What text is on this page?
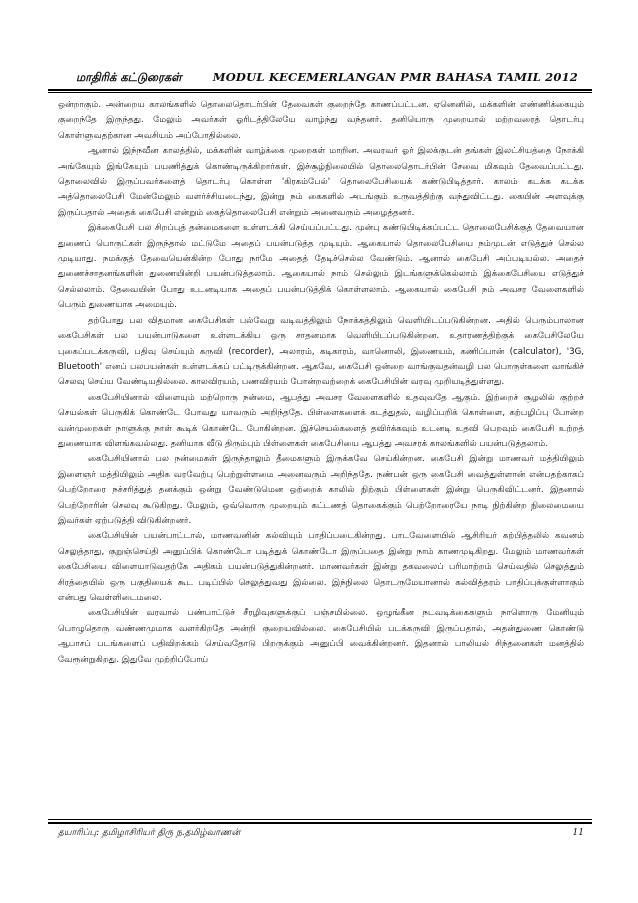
மாதிரிக் கட்டுரைகள்	MODUL KECEMERLANGAN PMR BAHASA TAMIL 2012

ஒன்றாகும். அன்றைய காலங்களில் தொலைதொடர்பின் தேவைகள் குறைந்தே காணப்பட்டன. ஏனெனில், மக்களின் எண்ணிக்கையும் குறைந்தே இருந்தது. மேலும் அவர்கள் ஓரிடத்திலேயே வாழ்ந்து வந்தனர். தனியொரு முறையால் மற்றவரைத் தொடர்பு கொள்ளுவதற்கான அவசியம் அப்போதில்லை.

ஆனால் இந்நவீன காலத்தில், மக்களின் வாழ்க்கை முறைகள் மாறின. அவரவர் ஓர் இலக்குடன் தங்கள் இலட்சியத்தை நோக்கி அங்கேயும் இங்கேயும் பயணித்துக் கொண்டிருக்கிறார்கள். இச்சூழ்நிலையில் தொலைதொடர்பின் சேவை மிகவும் தேவைப்பட்டது. தொலைவில் இருப்பவர்களைத் தொடர்பு கொள்ள 'கிரகம்பேல்' தொலைபேசியைக் கண்டுபிடித்தார். காலம் கடக்க கடக்க அத்தொலைபேசி மேன்மேலும் வளர்ச்சியடைந்து, இன்று நம் கைகளில் அடங்கும் உருவத்திற்கு வந்துவிட்டது. கையின் அளவுக்கு இருப்பதால் அதைக் கைபேசி என்றும் கைத்தொலைபேசி என்றும் அனைவரும் அழைத்தனர்.

இக்கைபேசி பல சிறப்புத் தன்மைகளை உள்ளடக்கி செய்யப்பட்டது. முன்பு கண்டுபிடிக்கப்பட்ட தொலைபேசிக்குத் தேவையான துணைப் பொருட்கள் இருந்தால் மட்டுமே அதைப் பயன்படுத்த முடியும். ஆகையால் தொலைபேசியை நம்முடன் எடுத்துச் செல்ல முடியாது. நமக்குத் தேவையென்கின்ற போது நாமே அதைத் தேடிச்செல்ல வேண்டும். ஆனால் கைபேசி அப்படியல்ல. அதைச் துணைச்சாதனங்களின் துணையின்றி பயன்படுத்தலாம். ஆகையால் நாம் செல்லும் இடங்களுக்கெல்லாம் இக்கைபேசியை எடுத்துச் செல்லலாம். தேவையின் போது உடனடியாக அதைப் பயன்படுத்திக் கொள்ளலாம். ஆகையால் கைபேசி நம் அவசர வேளைகளில் பெரும் துணையாக அமையும்.

தற்போது பல விதமான கைபேசிகள் பல்வேறு வடிவத்திலும் நோக்கத்திலும் வெளியிடப்படுகின்றன. அதில் பெரும்பாலான கைபேசிகள் பல பயன்பாடுகளை உள்ளடக்கிய ஒரு சாதனமாக வெளியிடப்படுகின்றன. உதாரணத்திற்குக் கைபேசிலேயே புகைப்படக்கருவி, பதிவு செய்யும் கருவி (recorder), அலாரம், கடிகாரம், வானொலி, இணையம், கணிப்பான் (calculator), '3G, Bluetooth' எனப் பலபயன்கள் உள்ளடக்கப் பட்டிருக்கின்றன. ஆகவே, கைபேசி ஒன்றை வாங்குவதன்வழி பல பொருள்களை வாங்கிச் செலவு செய்ய வேண்டியதில்லை. காலவிரயம், பணவிரயம் போன்றவற்றைக் கைபேசியின் வரவு முறியடித்துள்ளது.

கைபேசியினால் விளையும் மற்றொரு நன்மை, ஆபத்து அவசர வேளைகளில் உதவுவதே ஆகும். இற்றைச் சூழலில் குற்றச் செயல்கள் பெருகிக் கொண்டே போவது யாவரும் அறிந்ததே. பிள்ளைகளைக் கடத்துதல், வழிப்பறிக் கொள்ளை, கற்பழிப்பு போன்ற வன்முறைகள் நாளுக்கு நாள் கூடிக் கொண்டே போகின்றன. இச்செயல்களைத் தவிர்க்கவும் உடனடி உதவி பெறவும் கைபேசி உற்றத் துணையாக விளங்கவல்லது. தனியாக வீடு திரும்பும் பிள்ளைகள் கைபேசியை ஆபத்து அவசரக் காலங்களில் பயன்படுத்தலாம்.

கைபேசியினால் பல நன்மைகள் இருந்தாலும் தீமைகளும் இருக்கவே செய்கின்றன. கைபேசி இன்று மாணவர் மத்தியிலும் இளைஞர் மத்தியிலும் அதிக வரவேற்பு பெற்றுள்ளமை அனைவரும் அறிந்ததே. நண்பன் ஒரு கைபேசி வைத்துள்ளான் என்பதற்காகப் பெற்றோரை நச்சரித்துத் தனக்கும் ஒன்று வேண்டுமென ஒற்றைக் காலில் நிற்கும் பிள்ளைகள் இன்று பெருகிவிட்டனர். இதனால் பெற்றோரின் செலவு கூடுகிறது. மேலும், ஒவ்வொரு முறையும் கட்டணத் தொகைக்கும் பெற்றோரையே நாடி நிற்கின்ற நிலைமையை இவர்கள் ஏற்படுத்தி விடுகின்றனர்.

கைபேசியின் பயன்பாட்டால், மாணவனின் கல்வியும் பாதிப்படைகின்றது. பாடவேளையில் ஆசிரியர் கற்பித்தலில் கவனம் செலுத்தாது, குறுஞ்செய்தி அனுப்பிக் கொண்டோ படித்துக் கொண்டோ இருப்பதை இன்று நாம் காணமுடிகிறது. மேலும் மாணவர்கள் கைபேசியை விளையாடுவதற்கே அதிகம் பயன்படுத்துகின்றனர். மாணவர்கள் இன்று தகவலைப் பரிமாற்றம் செய்வதில் செலுத்தும் சிரத்தையில் ஒரு பகுதியைக் கூட படிப்பில் செலுத்துவது இல்லை. இந்நிலை தொடருமேயானால் கல்வித்தரம் பாதிப்புக்குள்ளாகும் என்பது வெள்ளிடைமலை.

கைபேசியின் வரவால் பண்பாட்டுச் சீரழிவுகளுக்குப் பஞ்சமில்லை. ஒழுங்கீன நடவடிக்கைகளும் நாளொரு மேனியும் பொழுதொரு வண்ணமுமாக வளர்கிறதே அன்றி குறையவில்லை. கைபேசியில் படக்கருவி இருப்பதால், அதன்துணை கொண்டு ஆபாசப் படங்களைப் பதிவிறக்கம் செய்வதோடு பிறருக்கும் அனுப்பி வைக்கின்றனர். இதனால் பாலியல் சிந்தனைகள் மனத்தில் வேரூன்றுகிறது. இதுவே முற்றிப்போய்

தயாரிப்பு: தமிழாசிரியர் திரு ந.தமிழ்வாணன்	11
